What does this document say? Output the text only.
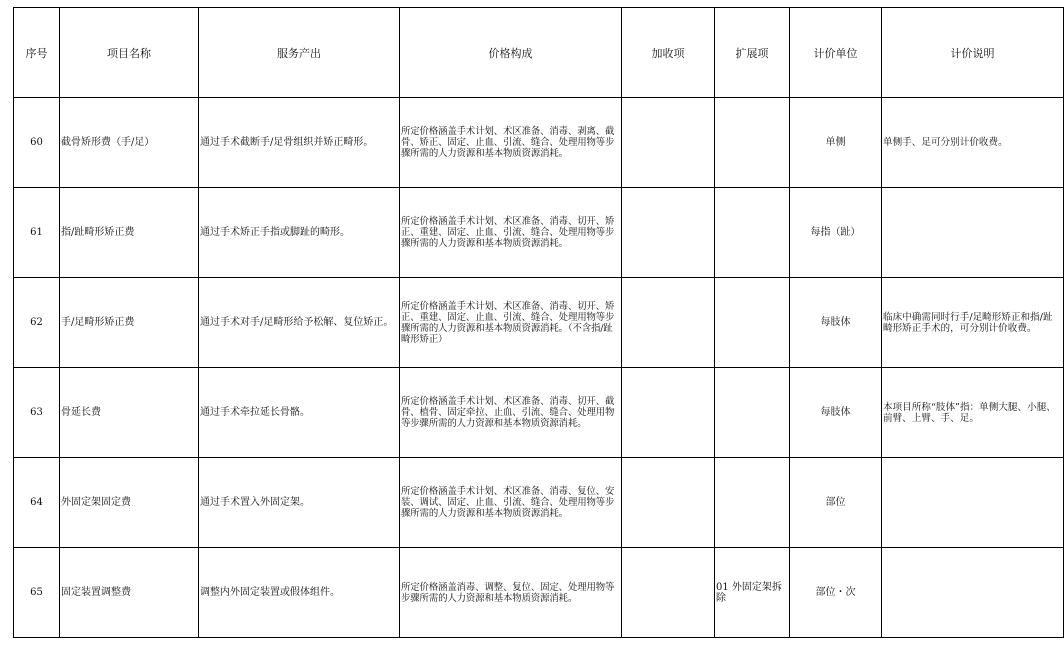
序号	项目名称	服务产出	价格构成	加收项	扩展项	计价单位	计价说明
60	截骨矫形费（手/足）	通过手术截断手/足骨组织并矫正畸形。	所定价格涵盖手术计划、术区准备、消毒、剥离、截骨、矫正、固定、止血、引流、缝合、处理用物等步骤所需的人力资源和基本物质资源消耗。			单侧	单侧手、足可分别计价收费。
61	指/趾畸形矫正费	通过手术矫正手指或脚趾的畸形。	所定价格涵盖手术计划、术区准备、消毒、切开、矫正、重建、固定、止血、引流、缝合、处理用物等步骤所需的人力资源和基本物质资源消耗。			每指（趾）	
62	手/足畸形矫正费	通过手术对手/足畸形给予松解、复位矫正。	所定价格涵盖手术计划、术区准备、消毒、切开、矫正、重建、固定、止血、引流、缝合、处理用物等步骤所需的人力资源和基本物质资源消耗。（不含指/趾畸形矫正）			每肢体	临床中确需同时行手/足畸形矫正和指/趾畸形矫正手术的，可分别计价收费。
63	骨延长费	通过手术牵拉延长骨骼。	所定价格涵盖手术计划、术区准备、消毒、切开、截骨、植骨、固定牵拉、止血、引流、缝合、处理用物等步骤所需的人力资源和基本物质资源消耗。			每肢体	本项目所称“肢体”指：单侧大腿、小腿、前臂、上臂、手、足。
64	外固定架固定费	通过手术置入外固定架。	所定价格涵盖手术计划、术区准备、消毒、复位、安装、调试、固定、止血、引流、缝合、处理用物等步骤所需的人力资源和基本物质资源消耗。			部位	
65	固定装置调整费	调整内外固定装置或假体组件。	所定价格涵盖消毒、调整、复位、固定、处理用物等步骤所需的人力资源和基本物质资源消耗。		01 外固定架拆除	部位・次	
